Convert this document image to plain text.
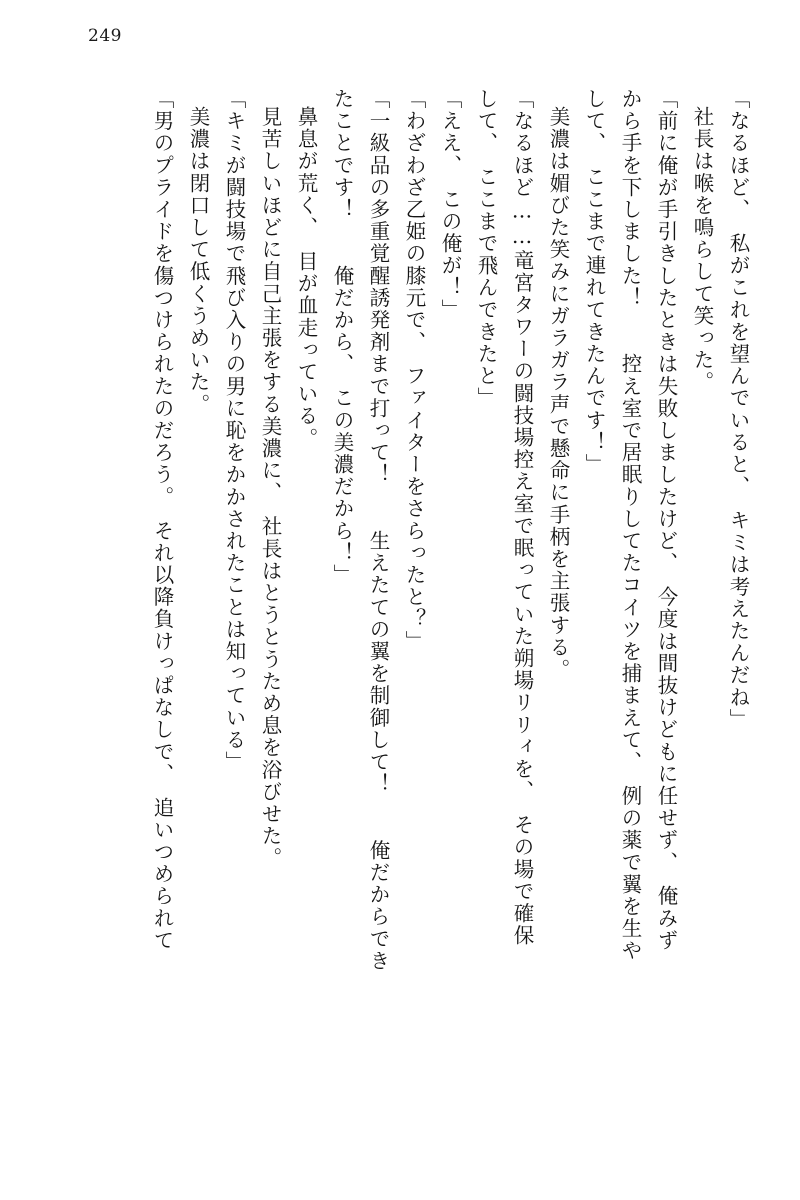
249
「なるほど、　私がこれを望んでいると、　キミは考えたんだね」
社長は喉を鳴らして笑った。
「前に俺が手引きしたときは失敗しましたけど、　今度は間抜けどもに任せず、　俺みず
から手を下しました！　　控え室で居眠りしてたコイツを捕まえて、　例の薬で翼を生や
して、　ここまで連れてきたんです！」
美濃は媚びた笑みにガラガラ声で懸命に手柄を主張する。
「なるほど……竜宮タワーの闘技場控え室で眠っていた朔場リリィを、　その場で確保
して、　ここまで飛んできたと」
「ええ、　この俺が！」
「わざわざ乙姫の膝元で、　ファイターをさらったと？」
「一級品の多重覚醒誘発剤まで打って！　　生えたての翼を制御して！　　俺だからでき
たことです！　　俺だから、　この美濃だから！」
鼻息が荒く、　目が血走っている。
見苦しいほどに自己主張をする美濃に、　社長はとうとうため息を浴びせた。
「キミが闘技場で飛び入りの男に恥をかかされたことは知っている」
美濃は閉口して低くうめいた。
「男のプライドを傷つけられたのだろう。　それ以降負けっぱなしで、　追いつめられて
